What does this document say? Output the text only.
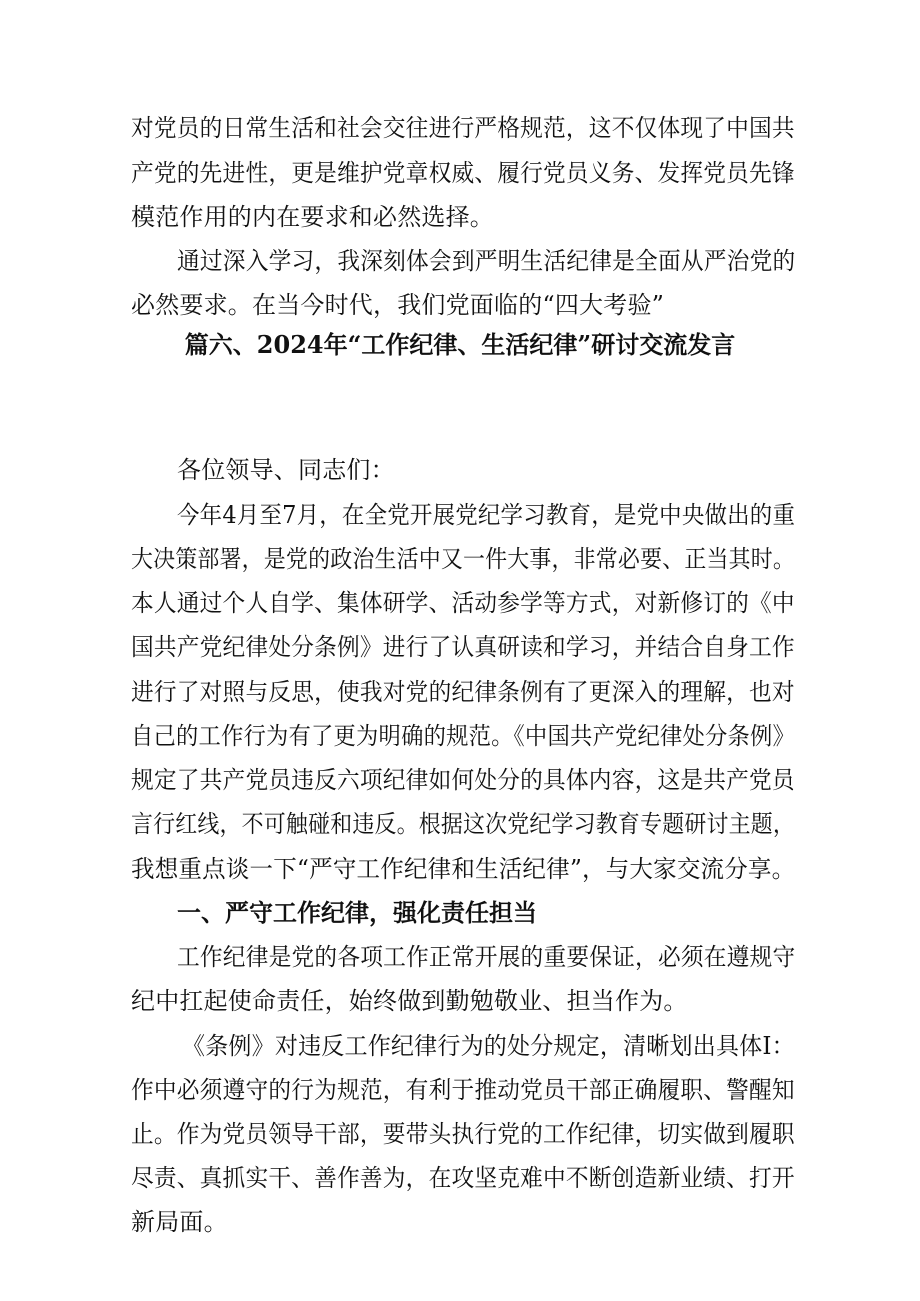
对党员的日常生活和社会交往进行严格规范，这不仅体现了中国共
产党的先进性，更是维护党章权威、履行党员义务、发挥党员先锋
模范作用的内在要求和必然选择。
通过深入学习，我深刻体会到严明生活纪律是全面从严治党的
必然要求。在当今时代，我们党面临的“四大考验”
篇六、2024年“工作纪律、生活纪律”研讨交流发言
各位领导、同志们：
今年4月至7月，在全党开展党纪学习教育，是党中央做出的重
大决策部署，是党的政治生活中又一件大事，非常必要、正当其时。
本人通过个人自学、集体研学、活动参学等方式，对新修订的《中
国共产党纪律处分条例》进行了认真研读和学习，并结合自身工作
进行了对照与反思，使我对党的纪律条例有了更深入的理解，也对
自己的工作行为有了更为明确的规范。《中国共产党纪律处分条例》
规定了共产党员违反六项纪律如何处分的具体内容，这是共产党员
言行红线，不可触碰和违反。根据这次党纪学习教育专题研讨主题，
我想重点谈一下“严守工作纪律和生活纪律”，与大家交流分享。
一、严守工作纪律，强化责任担当
工作纪律是党的各项工作正常开展的重要保证，必须在遵规守
纪中扛起使命责任，始终做到勤勉敬业、担当作为。
《条例》对违反工作纪律行为的处分规定，清晰划出具体I：
作中必须遵守的行为规范，有利于推动党员干部正确履职、警醒知
止。作为党员领导干部，要带头执行党的工作纪律，切实做到履职
尽责、真抓实干、善作善为，在攻坚克难中不断创造新业绩、打开
新局面。
